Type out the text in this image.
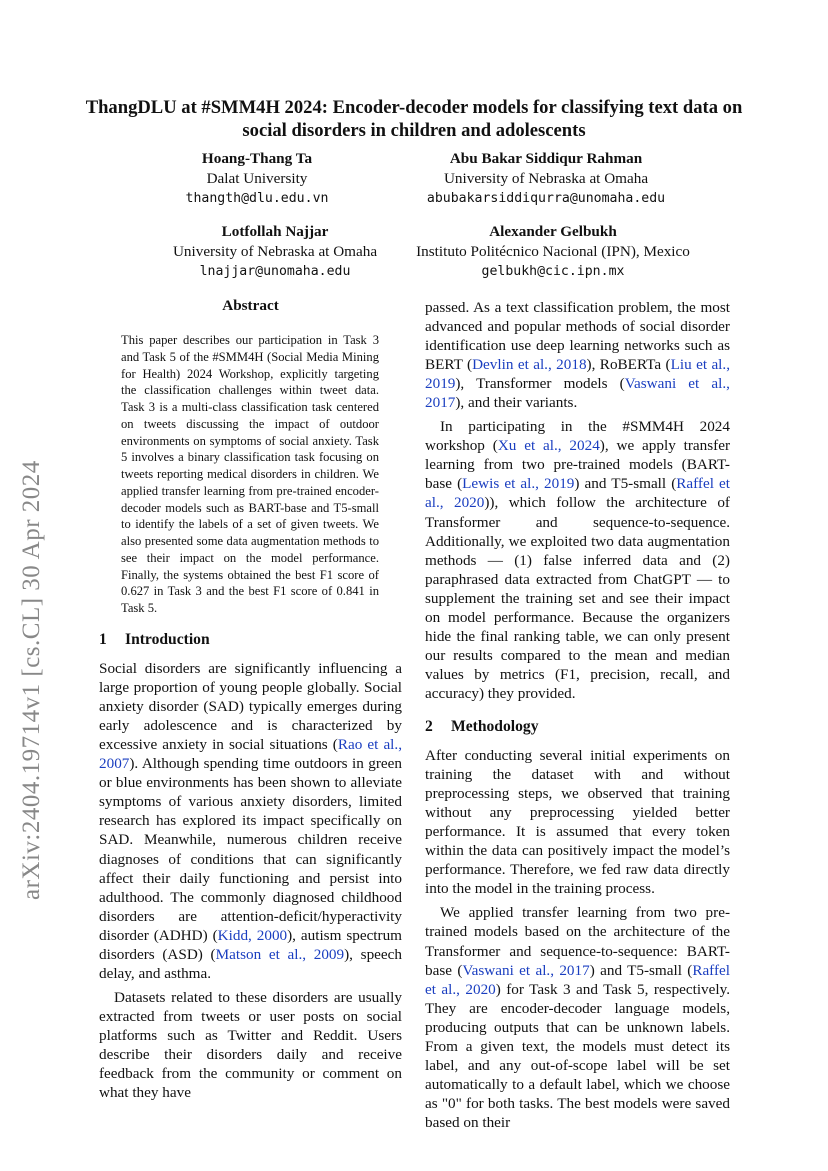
arXiv:2404.19714v1 [cs.CL] 30 Apr 2024
ThangDLU at #SMM4H 2024: Encoder-decoder models for classifying text data on social disorders in children and adolescents
Hoang-Thang Ta
Dalat University
thangth@dlu.edu.vn
Abu Bakar Siddiqur Rahman
University of Nebraska at Omaha
abubakarsiddiqurra@unomaha.edu
Lotfollah Najjar
University of Nebraska at Omaha
lnajjar@unomaha.edu
Alexander Gelbukh
Instituto Politécnico Nacional (IPN), Mexico
gelbukh@cic.ipn.mx
Abstract
This paper describes our participation in Task 3 and Task 5 of the #SMM4H (Social Media Mining for Health) 2024 Workshop, explicitly targeting the classification challenges within tweet data. Task 3 is a multi-class classification task centered on tweets discussing the impact of outdoor environments on symptoms of social anxiety. Task 5 involves a binary classification task focusing on tweets reporting medical disorders in children. We applied transfer learning from pre-trained encoder-decoder models such as BART-base and T5-small to identify the labels of a set of given tweets. We also presented some data augmentation methods to see their impact on the model performance. Finally, the systems obtained the best F1 score of 0.627 in Task 3 and the best F1 score of 0.841 in Task 5.
1 Introduction

Social disorders are significantly influencing a large proportion of young people globally. Social anxiety disorder (SAD) typically emerges during early adolescence and is characterized by excessive anxiety in social situations (Rao et al., 2007). Although spending time outdoors in green or blue environments has been shown to alleviate symptoms of various anxiety disorders, limited research has explored its impact specifically on SAD. Meanwhile, numerous children receive diagnoses of conditions that can significantly affect their daily functioning and persist into adulthood. The commonly diagnosed childhood disorders are attention-deficit/hyperactivity disorder (ADHD) (Kidd, 2000), autism spectrum disorders (ASD) (Matson et al., 2009), speech delay, and asthma.

Datasets related to these disorders are usually extracted from tweets or user posts on social platforms such as Twitter and Reddit. Users describe their disorders daily and receive feedback from the community or comment on what they have

passed. As a text classification problem, the most advanced and popular methods of social disorder identification use deep learning networks such as BERT (Devlin et al., 2018), RoBERTa (Liu et al., 2019), Transformer models (Vaswani et al., 2017), and their variants.

In participating in the #SMM4H 2024 workshop (Xu et al., 2024), we apply transfer learning from two pre-trained models (BART-base (Lewis et al., 2019) and T5-small (Raffel et al., 2020)), which follow the architecture of Transformer and sequence-to-sequence. Additionally, we exploited two data augmentation methods — (1) false inferred data and (2) paraphrased data extracted from ChatGPT — to supplement the training set and see their impact on model performance. Because the organizers hide the final ranking table, we can only present our results compared to the mean and median values by metrics (F1, precision, recall, and accuracy) they provided.

2 Methodology

After conducting several initial experiments on training the dataset with and without preprocessing steps, we observed that training without any preprocessing yielded better performance. It is assumed that every token within the data can positively impact the model’s performance. Therefore, we fed raw data directly into the model in the training process.

We applied transfer learning from two pre-trained models based on the architecture of the Transformer and sequence-to-sequence: BART-base (Vaswani et al., 2017) and T5-small (Raffel et al., 2020) for Task 3 and Task 5, respectively. They are encoder-decoder language models, producing outputs that can be unknown labels. From a given text, the models must detect its label, and any out-of-scope label will be set automatically to a default label, which we choose as "0" for both tasks. The best models were saved based on their
